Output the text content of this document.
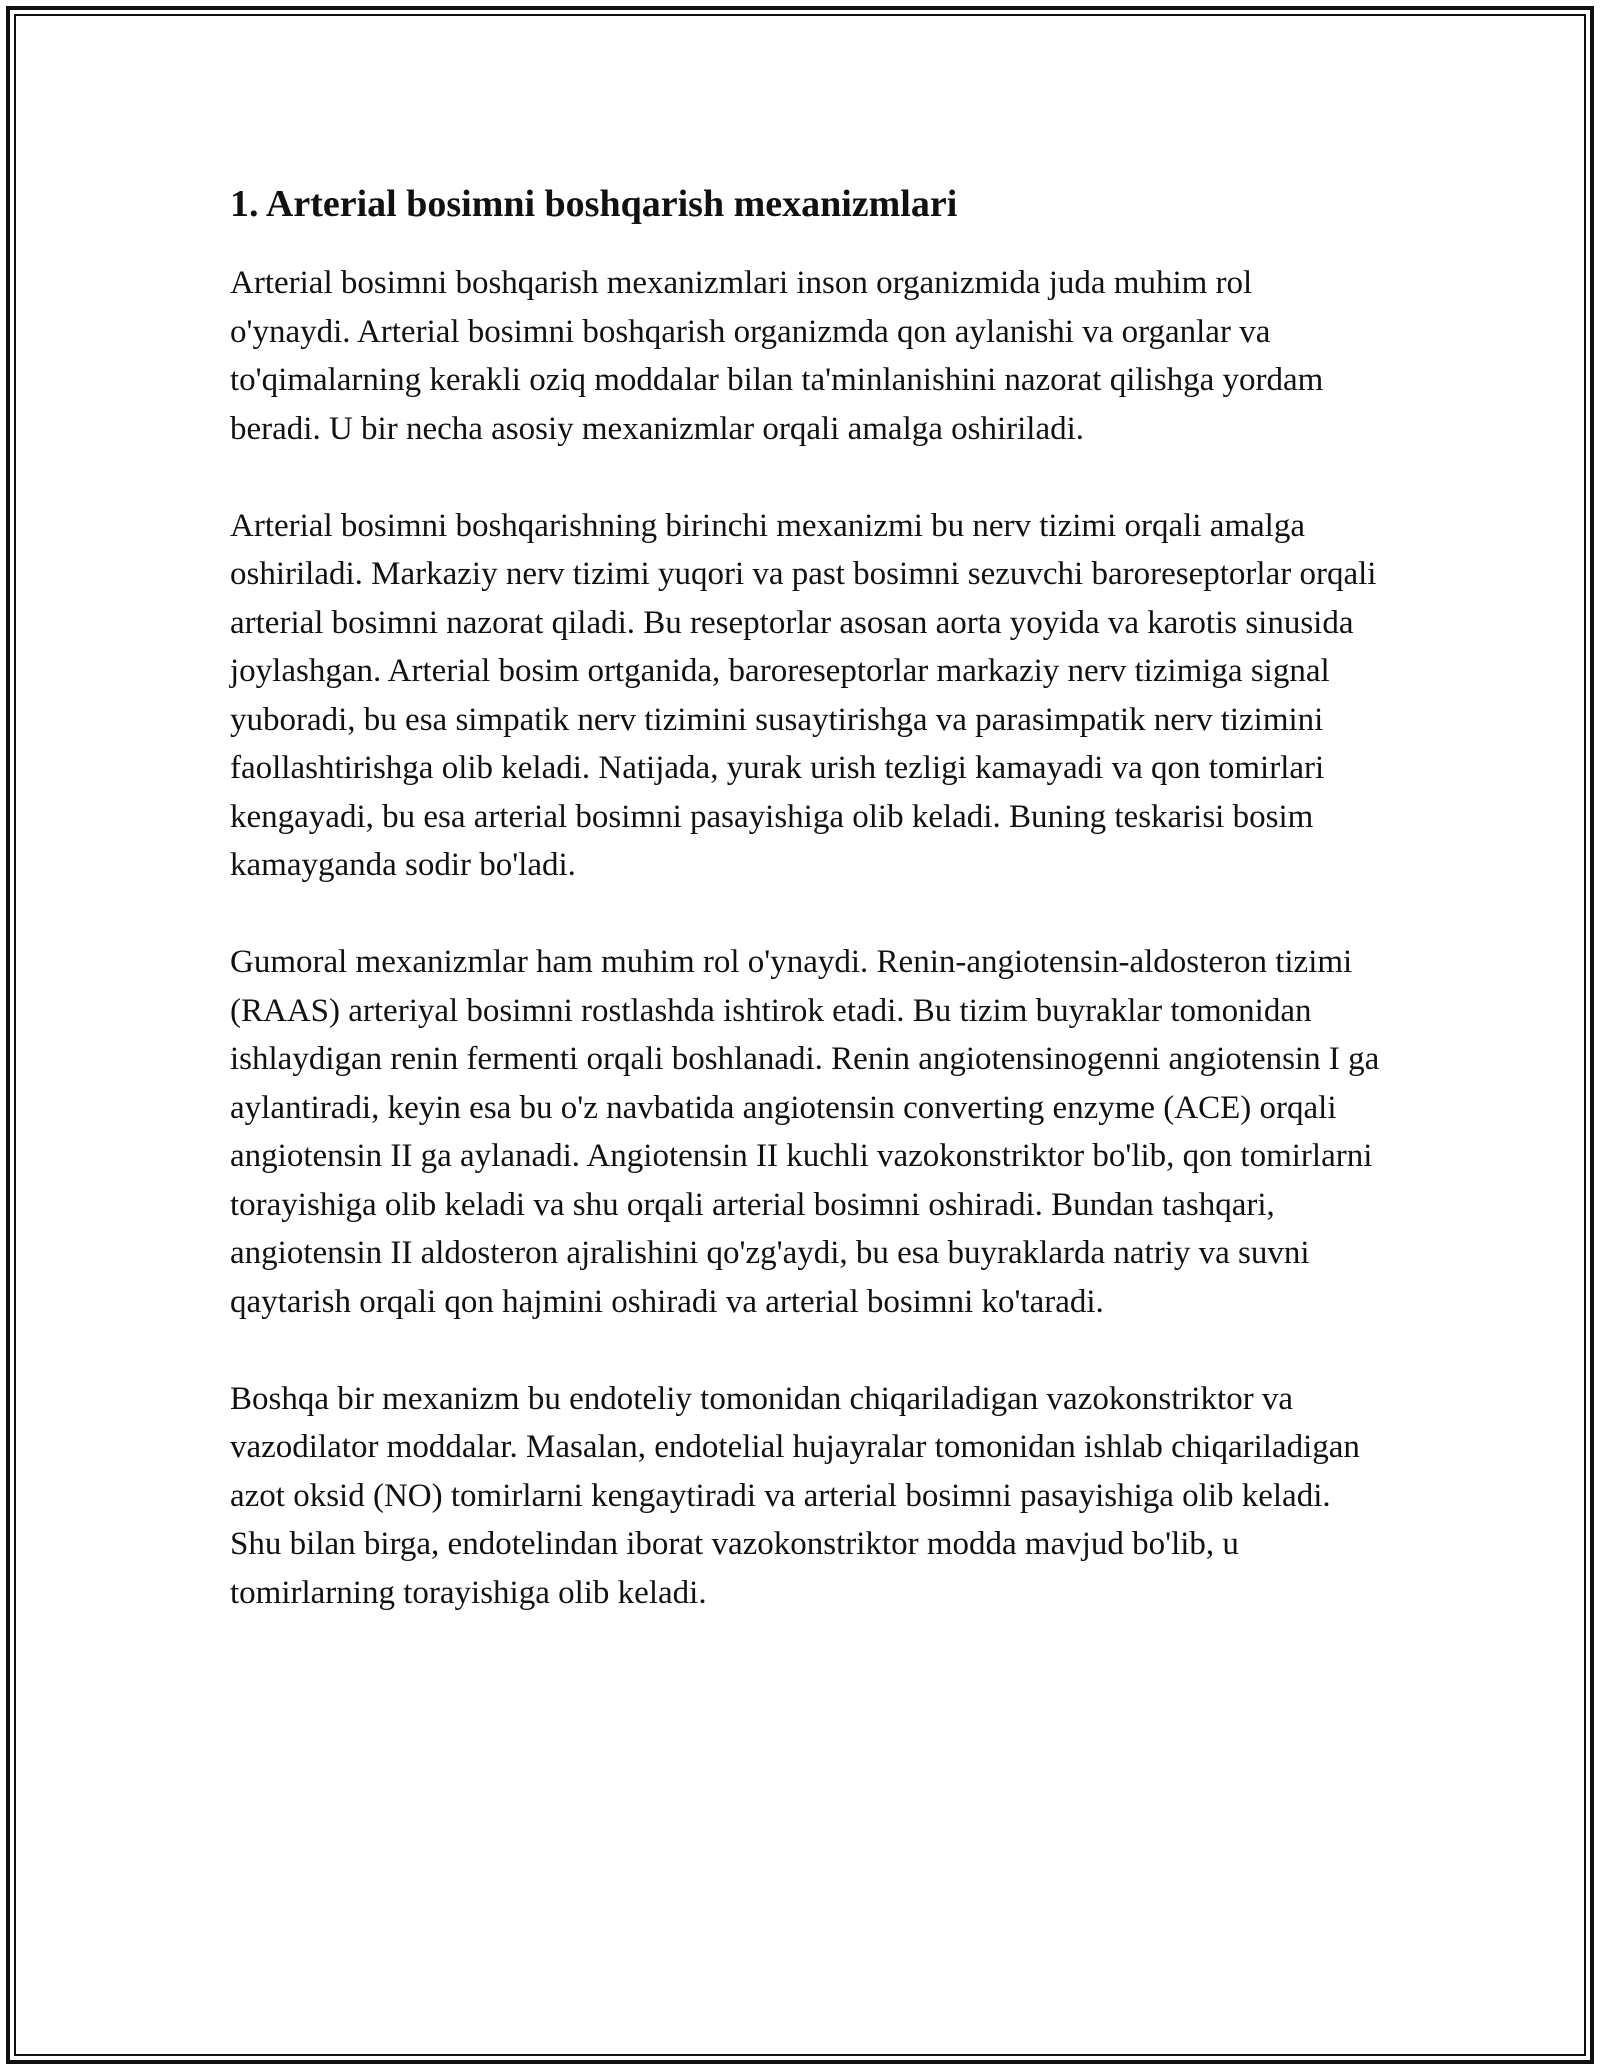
1. Arterial bosimni boshqarish mexanizmlari

Arterial bosimni boshqarish mexanizmlari inson organizmida juda muhim rol o'ynaydi. Arterial bosimni boshqarish organizmda qon aylanishi va organlar va to'qimalarning kerakli oziq moddalar bilan ta'minlanishini nazorat qilishga yordam beradi. U bir necha asosiy mexanizmlar orqali amalga oshiriladi.

Arterial bosimni boshqarishning birinchi mexanizmi bu nerv tizimi orqali amalga oshiriladi. Markaziy nerv tizimi yuqori va past bosimni sezuvchi baroreseptorlar orqali arterial bosimni nazorat qiladi. Bu reseptorlar asosan aorta yoyida va karotis sinusida joylashgan. Arterial bosim ortganida, baroreseptorlar markaziy nerv tizimiga signal yuboradi, bu esa simpatik nerv tizimini susaytirishga va parasimpatik nerv tizimini faollashtirishga olib keladi. Natijada, yurak urish tezligi kamayadi va qon tomirlari kengayadi, bu esa arterial bosimni pasayishiga olib keladi. Buning teskarisi bosim kamayganda sodir bo'ladi.

Gumoral mexanizmlar ham muhim rol o'ynaydi. Renin-angiotensin-aldosteron tizimi (RAAS) arteriyal bosimni rostlashda ishtirok etadi. Bu tizim buyraklar tomonidan ishlaydigan renin fermenti orqali boshlanadi. Renin angiotensinogenni angiotensin I ga aylantiradi, keyin esa bu o'z navbatida angiotensin converting enzyme (ACE) orqali angiotensin II ga aylanadi. Angiotensin II kuchli vazokonstriktor bo'lib, qon tomirlarni torayishiga olib keladi va shu orqali arterial bosimni oshiradi. Bundan tashqari, angiotensin II aldosteron ajralishini qo'zg'aydi, bu esa buyraklarda natriy va suvni qaytarish orqali qon hajmini oshiradi va arterial bosimni ko'taradi.

Boshqa bir mexanizm bu endoteliy tomonidan chiqariladigan vazokonstriktor va vazodilator moddalar. Masalan, endotelial hujayralar tomonidan ishlab chiqariladigan azot oksid (NO) tomirlarni kengaytiradi va arterial bosimni pasayishiga olib keladi. Shu bilan birga, endotelindan iborat vazokonstriktor modda mavjud bo'lib, u tomirlarning torayishiga olib keladi.
